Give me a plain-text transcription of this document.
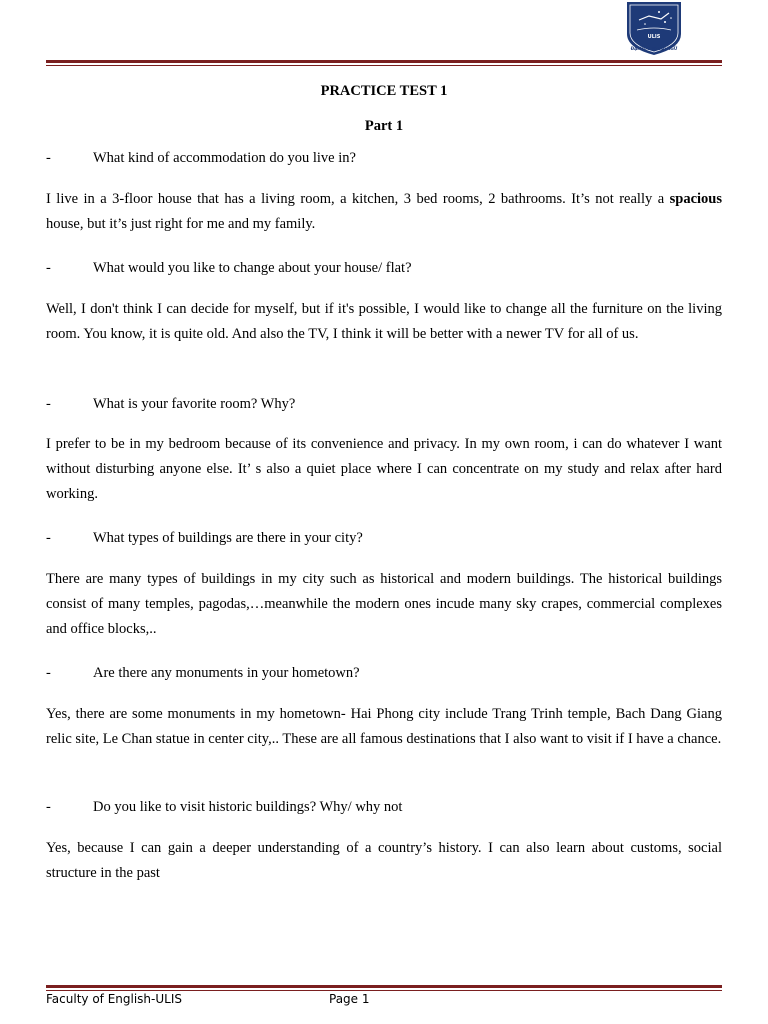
ULIS
ĐẠI HỌC NGOẠI NGỮ
PRACTICE TEST 1
Part 1
-	What kind of accommodation do you live in?
I live in a 3-floor house that has a living room, a kitchen, 3 bed rooms, 2 bathrooms. It’s not really a spacious house, but it’s just right for me and my family.
-	What would you like to change about your house/ flat?
Well, I don't think I can decide for myself, but if it's possible, I would like to change all the furniture on the living room. You know, it is quite old. And also the TV, I think it will be better with a newer TV for all of us.
-	What is your favorite room? Why?
I prefer to be in my bedroom because of its convenience and privacy. In my own room, i can do whatever I want without disturbing anyone else. It’ s also a quiet place where I can concentrate on my study and relax after hard working.
-	What types of buildings are there in your city?
There are many types of buildings in my city such as historical and modern buildings. The historical buildings consist of many temples, pagodas,…meanwhile the modern ones incude many sky crapes, commercial complexes and office blocks,..
-	Are there any monuments in your hometown?
Yes, there are some monuments in my hometown- Hai Phong city include Trang Trinh temple, Bach Dang Giang relic site, Le Chan statue in center city,.. These are all famous destinations that I also want to visit if I have a chance.
-	Do you like to visit historic buildings? Why/ why not
Yes, because I can gain a deeper understanding of a country’s history. I can also learn about customs, social structure in the past
Faculty of English-ULIS	Page 1
